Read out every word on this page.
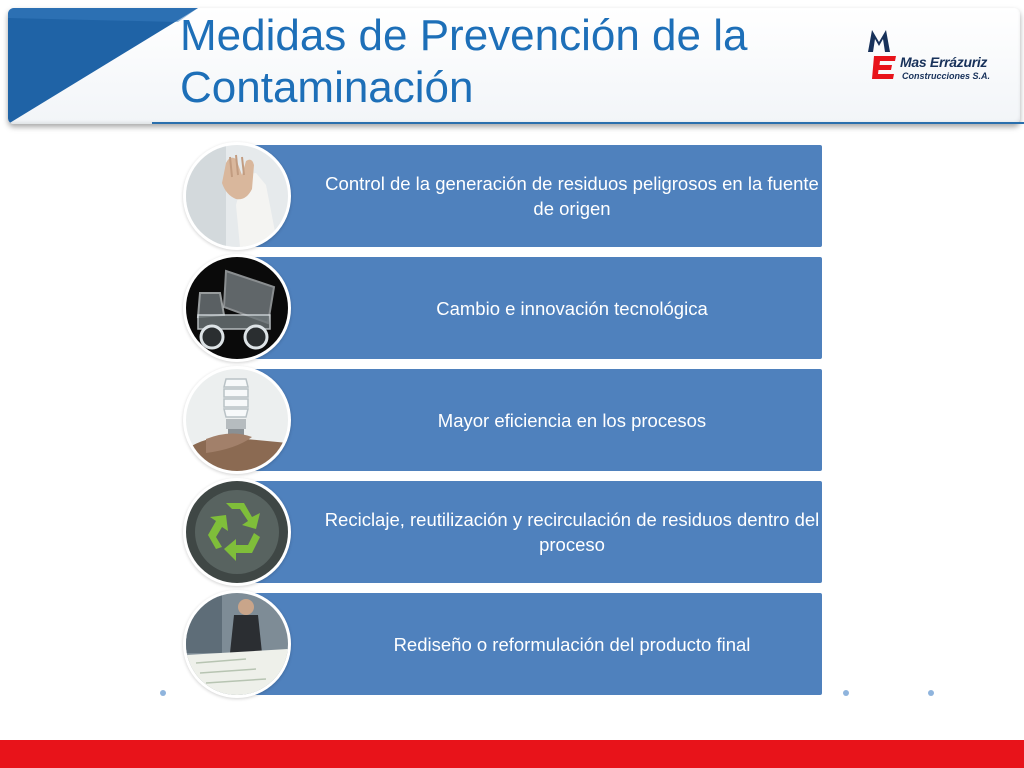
Medidas de Prevención de la Contaminación
Mas Errázuriz
Construcciones S.A.
Control de la generación de residuos peligrosos en la fuente de origen
Cambio e innovación tecnológica
Mayor eficiencia en los procesos
Reciclaje, reutilización y recirculación de residuos dentro del proceso
Rediseño o reformulación del producto final
